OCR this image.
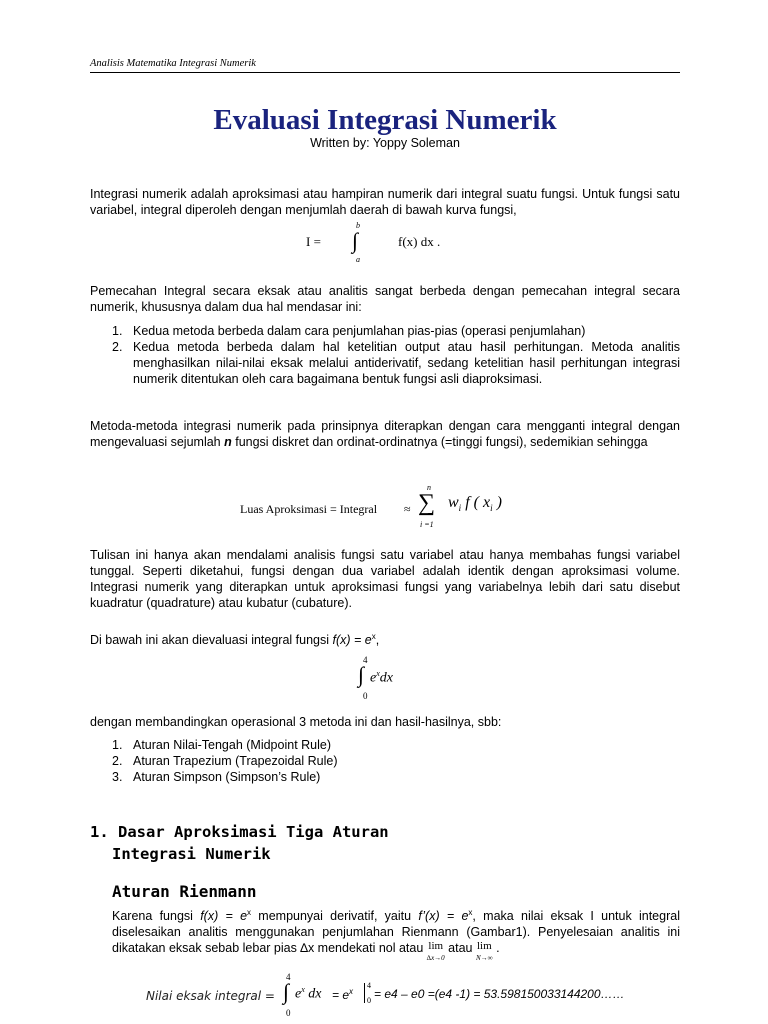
Analisis Matematika Integrasi Numerik
Evaluasi Integrasi Numerik
Written by: Yoppy Soleman
Integrasi numerik adalah aproksimasi atau hampiran numerik dari integral suatu fungsi. Untuk fungsi satu variabel, integral diperoleh dengan menjumlah daerah di bawah kurva fungsi,
I =
b
∫
a
f(x) dx .
Pemecahan Integral secara eksak atau analitis sangat berbeda dengan pemecahan integral secara numerik, khususnya dalam dua hal mendasar ini:
1. Kedua metoda berbeda dalam cara penjumlahan pias-pias (operasi penjumlahan)
2. Kedua metoda berbeda dalam hal ketelitian output atau hasil perhitungan. Metoda analitis menghasilkan nilai-nilai eksak melalui antiderivatif, sedang ketelitian hasil perhitungan integrasi numerik ditentukan oleh cara bagaimana bentuk fungsi asli diaproksimasi.
Metoda-metoda integrasi numerik pada prinsipnya diterapkan dengan cara mengganti integral dengan mengevaluasi sejumlah n fungsi diskret dan ordinat-ordinatnya (=tinggi fungsi), sedemikian sehingga
Luas Aproksimasi = Integral ≈
n
∑
i =1
$w_i$ f ( $x_i$ )
Tulisan ini hanya akan mendalami analisis fungsi satu variabel atau hanya membahas fungsi variabel tunggal. Seperti diketahui, fungsi dengan dua variabel adalah identik dengan aproksimasi volume. Integrasi numerik yang diterapkan untuk aproksimasi fungsi yang variabelnya lebih dari satu disebut kuadratur (quadrature) atau kubatur (cubature).
Di bawah ini akan dievaluasi integral fungsi $f(x) = e^x$,
4
∫
0
$e^xdx$
dengan membandingkan operasional 3 metoda ini dan hasil-hasilnya, sbb:
1. Aturan Nilai-Tengah (Midpoint Rule)
2. Aturan Trapezium (Trapezoidal Rule)
3. Aturan Simpson (Simpson’s Rule)
1. Dasar Aproksimasi Tiga Aturan
Integrasi Numerik
Aturan Rienmann
Karena fungsi $f(x) = e^x$ mempunyai derivatif, yaitu f’(x) = $e^x$, maka nilai eksak I untuk integral diselesaikan analitis menggunakan penjumlahan Rienmann (Gambar1). Penyelesaian analitis ini dikatakan eksak sebab lebar pias ∆x mendekati nol atau lim
∆x→0 atau lim
N→∞ .
Nilai eksak integral =
4
∫
0
$e^x$ dx = $e^x$
4
0 = e4 – e0 =(e4 -1) = 53.598150033144200……
